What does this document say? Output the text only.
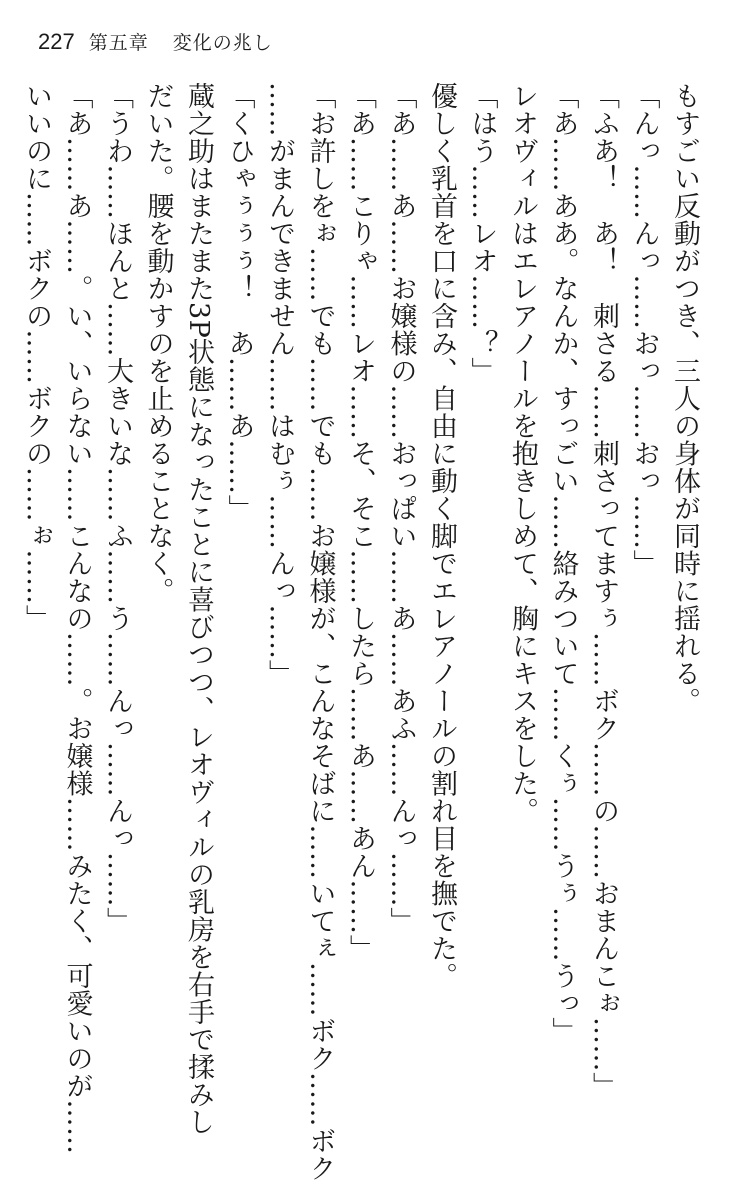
227 第五章 変化の兆し
もすごい反動がつき、三人の身体が同時に揺れる。
「んっ……んっ……おっ……おっ……」
「ふあ！　あ！　刺さる……刺さってますぅ……ボク……の……おまんこぉ……」
「あ……ああ。なんか、すっごい……絡みついて……くぅ……うぅ……うっ」
レオヴィルはエレアノールを抱きしめて、胸にキスをした。
「はう……レオ……？」
優しく乳首を口に含み、自由に動く脚でエレアノールの割れ目を撫でた。
「あ……あ……お嬢様の……おっぱい……あ……あふ……んっ……」
「あ……こりゃ……レオ……そ、そこ……したら……あ……あん……」
「お許しをぉ……でも……でも……お嬢様が、こんなそばに……いてぇ……ボク……ボク
……がまんできません……はむぅ……んっ……」
「くひゃぅぅぅ！　あ……あ……」
蔵之助はまたまた3P状態になったことに喜びつつ、レオヴィルの乳房を右手で揉みし
だいた。腰を動かすのを止めることなく。
「うわ……ほんと……大きいな……ふ……う……んっ……んっ……」
「あ……あ……。い、いらない……こんなの……。お嬢様……みたく、可愛いのが……
いいのに……ボクの……ボクの……ぉ……」
